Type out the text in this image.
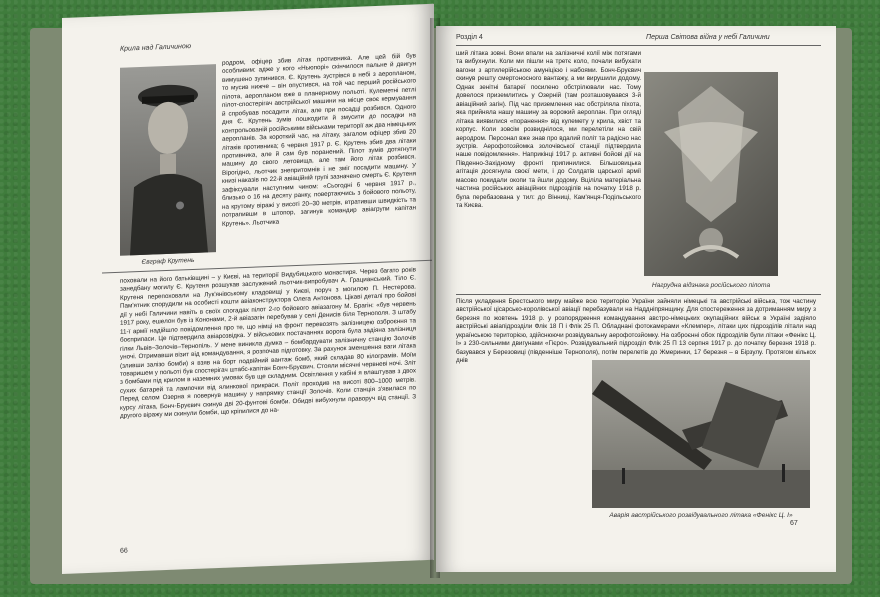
Крила над Галичиною
Євграф Крутень

родром, офіцер збив літак противника. Але цей бій був особливим: адже у кого «Ньюпорі» скінчилося пальне й двигун вимушено зупинився. Є. Крутень зустрівся в небі з аеропланом, то мусив нижче – він опустився, на той час перший російського пілота, аеропланом вже в планерному польоті. Кулеметні петлі пілот-спостерігач австрійської машини на місце своє кермування й спробував посадити літак, але при посадці розбився. Одного дня Є. Крутень зумів пошкодити й змусити до посадки на контрольованій російськими військами території аж два німецьких аеропланів. За короткий час, на літаку, загалом офіцер збив 20 літаків противника; 6 червня 1917 р. Є. Крутень збив два літаки противника, але й сам був поранений. Пілот зумів дотягнути машину до свого летовища, але там його літак розбився. Вірогідно, льотчик знепритомнів і не зміг посадити машину. У книзі наказів по 22-й авіаційній групі зазначено смерть Є. Крутеня зафіксували наступним чином: «Сьогодні 6 червня 1917 р., близько о 16 на десяту ранку, повертаючись з бойового польоту, на крутому віражі у висоті 20–30 метрів, втративши швидкість та потрапивши в штопор, загинув командир авіагрупи капітан Крутень». Льотчика

поховали на його батьківщині – у Києві, на території Видубицького монастиря. Через багато років занедбану могилу Є. Крутеня розшукав заслужений льотчик-випробувач А. Грацианський. Тіло Є. Крутеня перепоховали на Лук'янівському кладовищі у Києві, поруч з могилою П. Нестерова. Пам'ятник спорудили на особисті кошти авіаконструктора Олега Антонова. Цікаві деталі про бойові дії у небі Галичини навіть в своїх спогадах пілот 2-го бойового авіазагону М. Брагін: «був червень 1917 року, ешелон був із Кононами, 2-й авіазагін перебував у селі Денисів біля Тернополя. З штабу 11-ї армії надійшло повідомлення про те, що німці на фронт перевозять залізницею озброєння та боєприпаси. Це підтвердила авіарозвідка. У військових постачаннях ворога була задіяна залізниця гілки Львів–Золочів–Тернопіль. У мене виникла думка – бомбардувати залізничну станцію Золочів уночі. Отримавши візит від командування, я розпочав підготовку. За рахунок зменшення ваги літака (зливши залізо бомби) я взяв на борт подвійний вантаж бомб, який складав 80 кілограмів. Моїм товаришем у польоті був спостерігач штабс-капітан Бонч-Бруєвич. Стояли місячні червневі ночі. Зліт з бомбами під крилом в наземних умовах був ще складним. Освітлення у кабіні я влаштував з двох сухих батарей та лампочки від ялинкової прикраси. Політ проходив на висоті 800–1000 метрів. Перед селом Озерна я повернув машину у напрямку станції Золочів. Коли станція з'явилася по курсу літака, Бонч-Бруєвич скинув дві 20-фунтові бомби. Обидві вибухнули праворуч від станції. З другого віражу ми скинули бомби, що кріпилися до на-

66
Розділ 4	Перша Світова війна у небі Галичини

ший літака зовні. Вони впали на залізничні колії між потягами та вибухнули. Коли ми пішли на третє коло, почали вибухати вагони з артилерійською амуніцією і набоями. Бонч-Бруєвич скинув решту смертоносного вантажу, а ми вирушили додому. Однак зенітні батареї посилено обстрілювали нас. Тому довелося приземлитись у Озерній (там розташовувався 3-й авіаційний загін). Під час приземлення нас обстріляла піхота, яка прийняла нашу машину за ворожий аероплан. При огляді літака виявилися «поранення» від кулемету у крила, хвіст та корпус. Коли зовсім розвиднілося, ми перелетіли на свій аеродром. Персонал вже знав про вдалий політ та радісно нас зустрів. Аерофотозйомка золочівської станції підтвердила наше повідомлення». Наприкінці 1917 р. активні бойові дії на Південно-Західному фронті припинилися. Більшовицька агітація досягнула своєї мети, і до Солдатів царської армії масово покидали окопи та йшли додому. Вціліла матеріальна частина російських авіаційних підрозділів на початку 1918 р. була перебазована у тил: до Вінниці, Кам'янця-Подільського та Києва.

Нагрудна відзнака російського пілота

Після укладення Брестського миру майже всю територію України зайняли німецькі та австрійські війська, тож частину австрійської цісарсько-королівської авіації перебазували на Наддніпрянщину. Для спостереження за дотриманням миру з березня по жовтень 1918 р. у розпорядження командування австро-німецьких окупаційних військ в Україні задіяло австрійські авіапідрозділи Флік 18 П і Флік 25 П. Обладнані фотокамерами «Клемпер», літаки цих підрозділів літали над українською територією, здійснюючи розвідувальну аерофотозйомку. На озброєнні обох підрозділів були літаки «Фенікс Ц. І» з 230-сильними двигунами «Гієро». Розвідувальний підрозділ Флік 25 П 13 серпня 1917 р. до початку березня 1918 р. базувався у Березовиці (південніше Тернополя), потім перелетів до Жмеринки, 17 березня – в Бірзулу. Протягом кількох днів

Аварія австрійського розвідувального літака «Фенікс Ц. І»
67
